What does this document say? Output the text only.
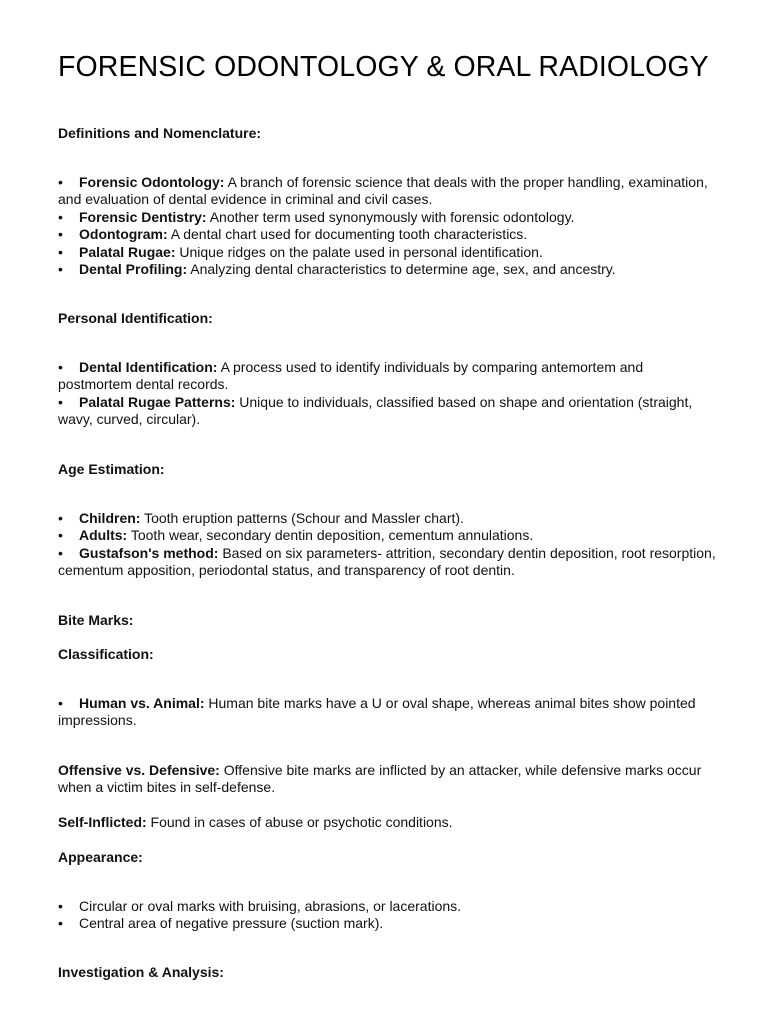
FORENSIC ODONTOLOGY & ORAL RADIOLOGY

Definitions and Nomenclature:

• Forensic Odontology: A branch of forensic science that deals with the proper handling, examination, and evaluation of dental evidence in criminal and civil cases.
• Forensic Dentistry: Another term used synonymously with forensic odontology.
• Odontogram: A dental chart used for documenting tooth characteristics.
• Palatal Rugae: Unique ridges on the palate used in personal identification.
• Dental Profiling: Analyzing dental characteristics to determine age, sex, and ancestry.

Personal Identification:

• Dental Identification: A process used to identify individuals by comparing antemortem and postmortem dental records.
• Palatal Rugae Patterns: Unique to individuals, classified based on shape and orientation (straight, wavy, curved, circular).

Age Estimation:

• Children: Tooth eruption patterns (Schour and Massler chart).
• Adults: Tooth wear, secondary dentin deposition, cementum annulations.
• Gustafson's method: Based on six parameters- attrition, secondary dentin deposition, root resorption, cementum apposition, periodontal status, and transparency of root dentin.

Bite Marks:

Classification:

• Human vs. Animal: Human bite marks have a U or oval shape, whereas animal bites show pointed impressions.
Offensive vs. Defensive: Offensive bite marks are inflicted by an attacker, while defensive marks occur when a victim bites in self-defense.
Self-Inflicted: Found in cases of abuse or psychotic conditions.

Appearance:

• Circular or oval marks with bruising, abrasions, or lacerations.
• Central area of negative pressure (suction mark).

Investigation & Analysis:
